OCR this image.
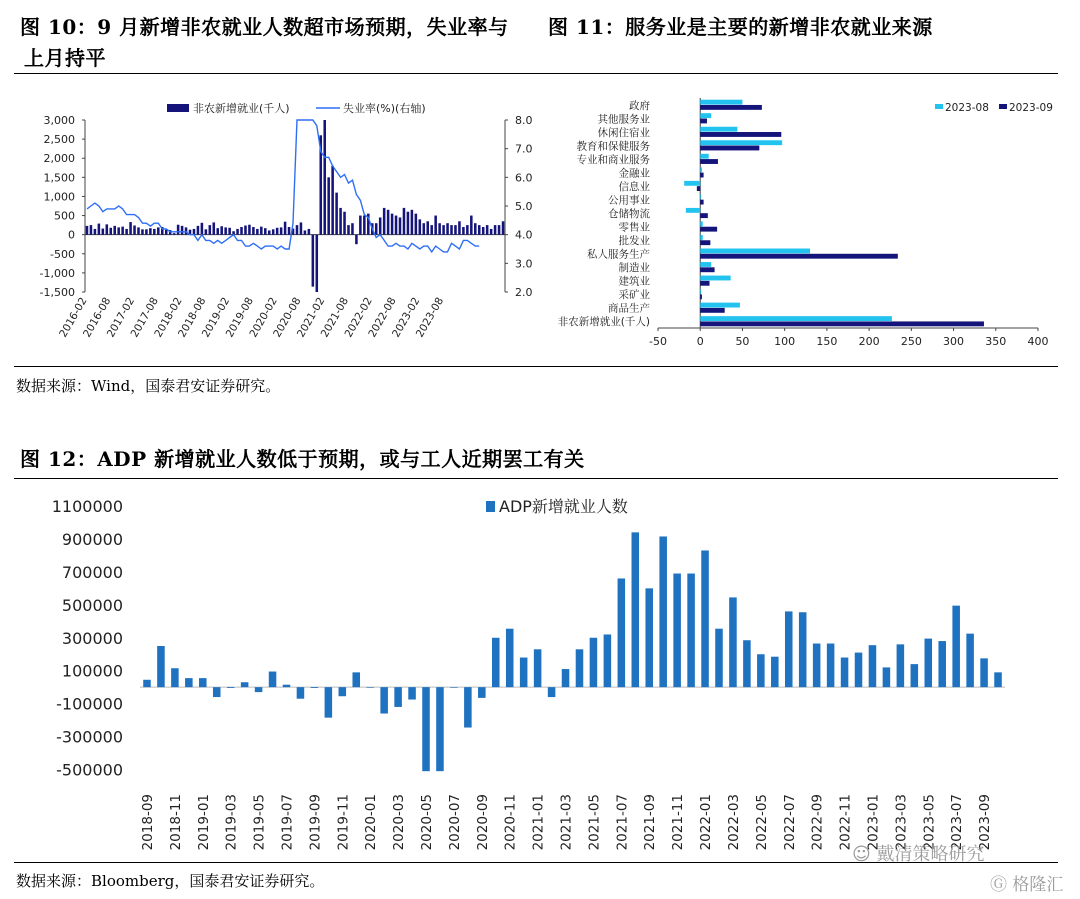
图 10：9 月新增非农就业人数超市场预期，失业率与
上月持平
图 11：服务业是主要的新增非农就业来源
3,000
2,500
2,000
1,500
1,000
500
0
-500
-1,000
-1,500
8.0
7.0
6.0
5.0
4.0
3.0
2.0
2016-02
2016-08
2017-02
2017-08
2018-02
2018-08
2019-02
2019-08
2020-02
2020-08
2021-02
2021-08
2022-02
2022-08
2023-02
2023-08
非农新增就业(千人)	失业率(%)(右轴)
-50	0	50 100 150 200 250 300 350 400
政府
其他服务业
休闲住宿业
教育和保健服务
专业和商业服务
金融业
信息业
公用事业
仓储物流
零售业
批发业
私人服务生产
制造业
建筑业
采矿业
商品生产
非农新增就业(千人)
2023-08 2023-09
数据来源：Wind，国泰君安证券研究。
图 12：ADP 新增就业人数低于预期，或与工人近期罢工有关
1100000
900000
700000
500000
300000
100000
-100000
-300000
-500000
2018-09 2018-11 2019-01 2019-03 2019-05 2019-07 2019-09 2019-11 2020-01 2020-03 2020-05 2020-07 2020-09 2020-11 2021-01 2021-03 2021-05 2021-07 2021-09 2021-11 2022-01 2022-03 2022-05 2022-07 2022-09 2022-11 2023-01 2023-03 2023-05 2023-07 2023-09
ADP新增就业人数
数据来源：Bloomberg，国泰君安证券研究。
☺ 戴清策略研究
Ⓖ 格隆汇
